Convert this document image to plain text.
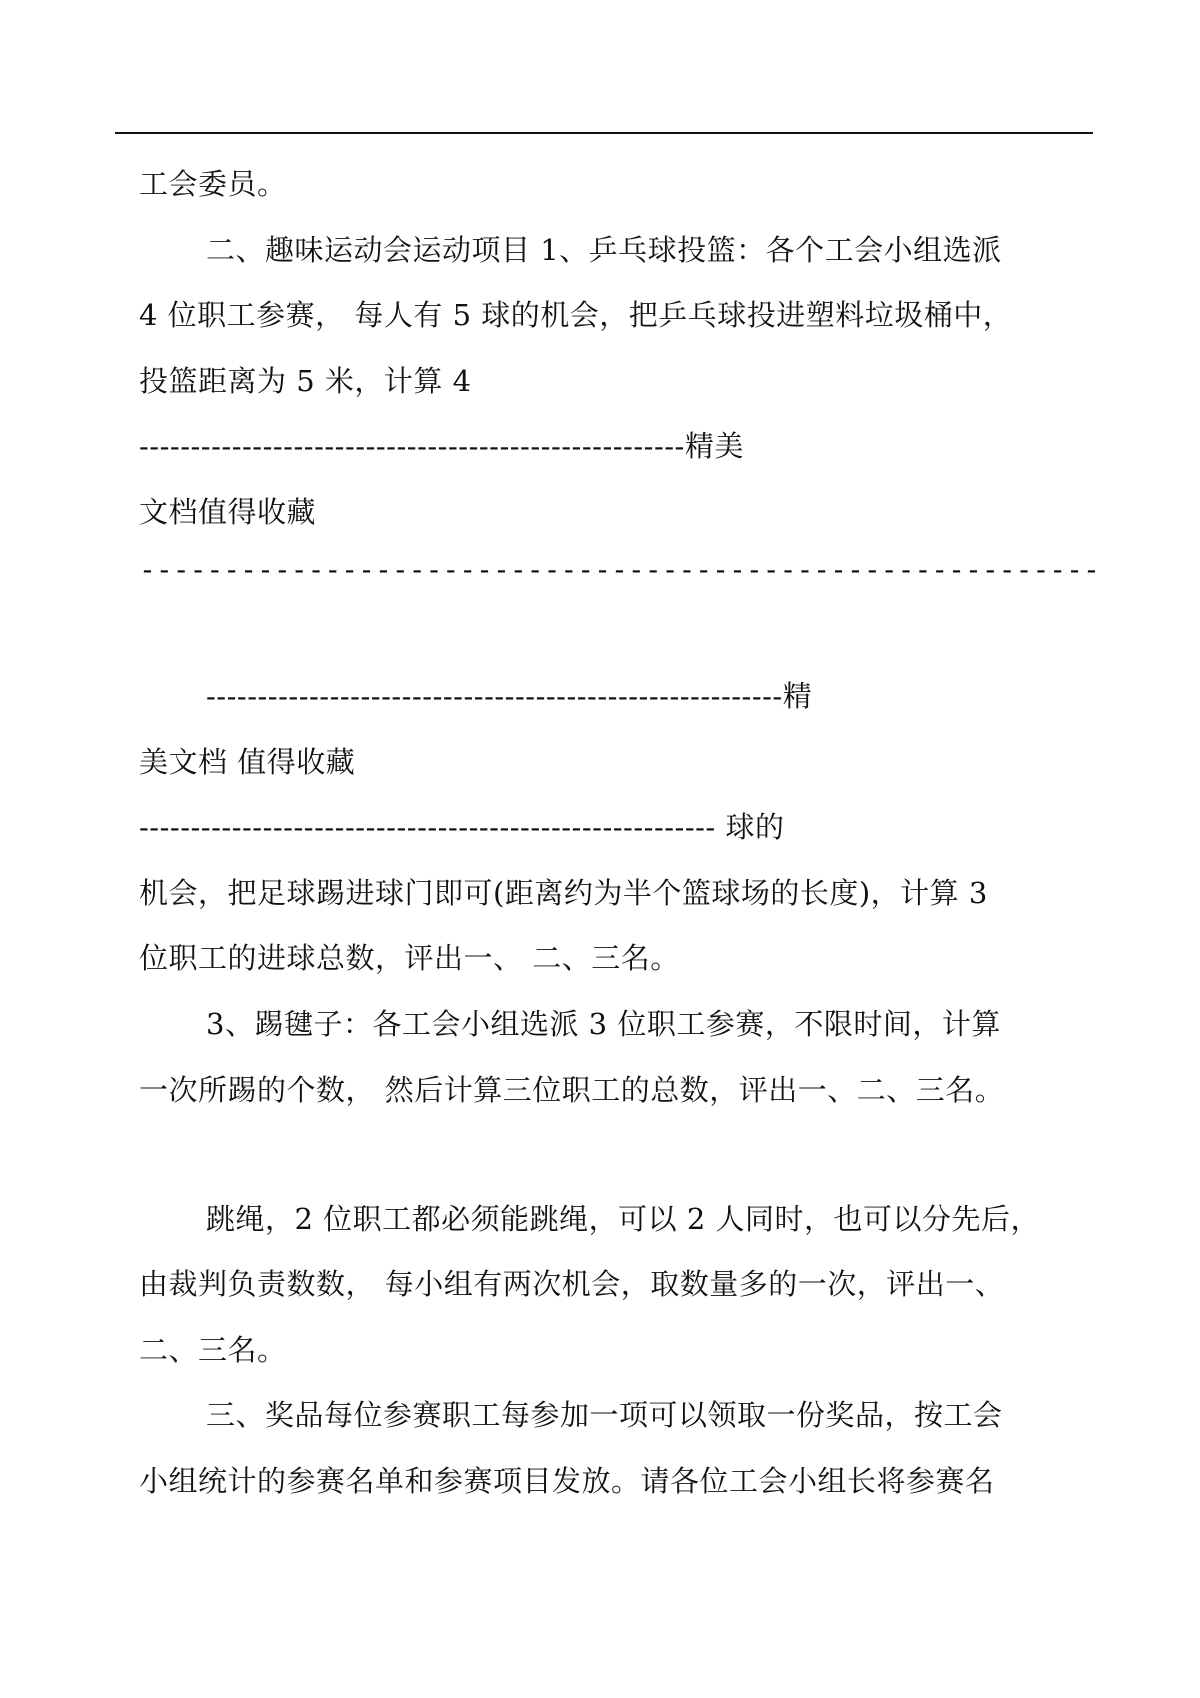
工会委员。
二、趣味运动会运动项目 1、乒乓球投篮：各个工会小组选派
4 位职工参赛， 每人有 5 球的机会，把乒乓球投进塑料垃圾桶中，
投篮距离为 5 米，计算 4
-----------------------------------------------------精美
文档值得收藏
---------------------------------------------------------
--------------------------------------------------------精
美文档 值得收藏
-------------------------------------------------------- 球的
机会，把足球踢进球门即可(距离约为半个篮球场的长度)，计算 3
位职工的进球总数，评出一、 二、三名。
3、踢毽子：各工会小组选派 3 位职工参赛，不限时间，计算
一次所踢的个数， 然后计算三位职工的总数，评出一、二、三名。
跳绳，2 位职工都必须能跳绳，可以 2 人同时，也可以分先后，
由裁判负责数数， 每小组有两次机会，取数量多的一次，评出一、
二、三名。
三、奖品每位参赛职工每参加一项可以领取一份奖品，按工会
小组统计的参赛名单和参赛项目发放。请各位工会小组长将参赛名
